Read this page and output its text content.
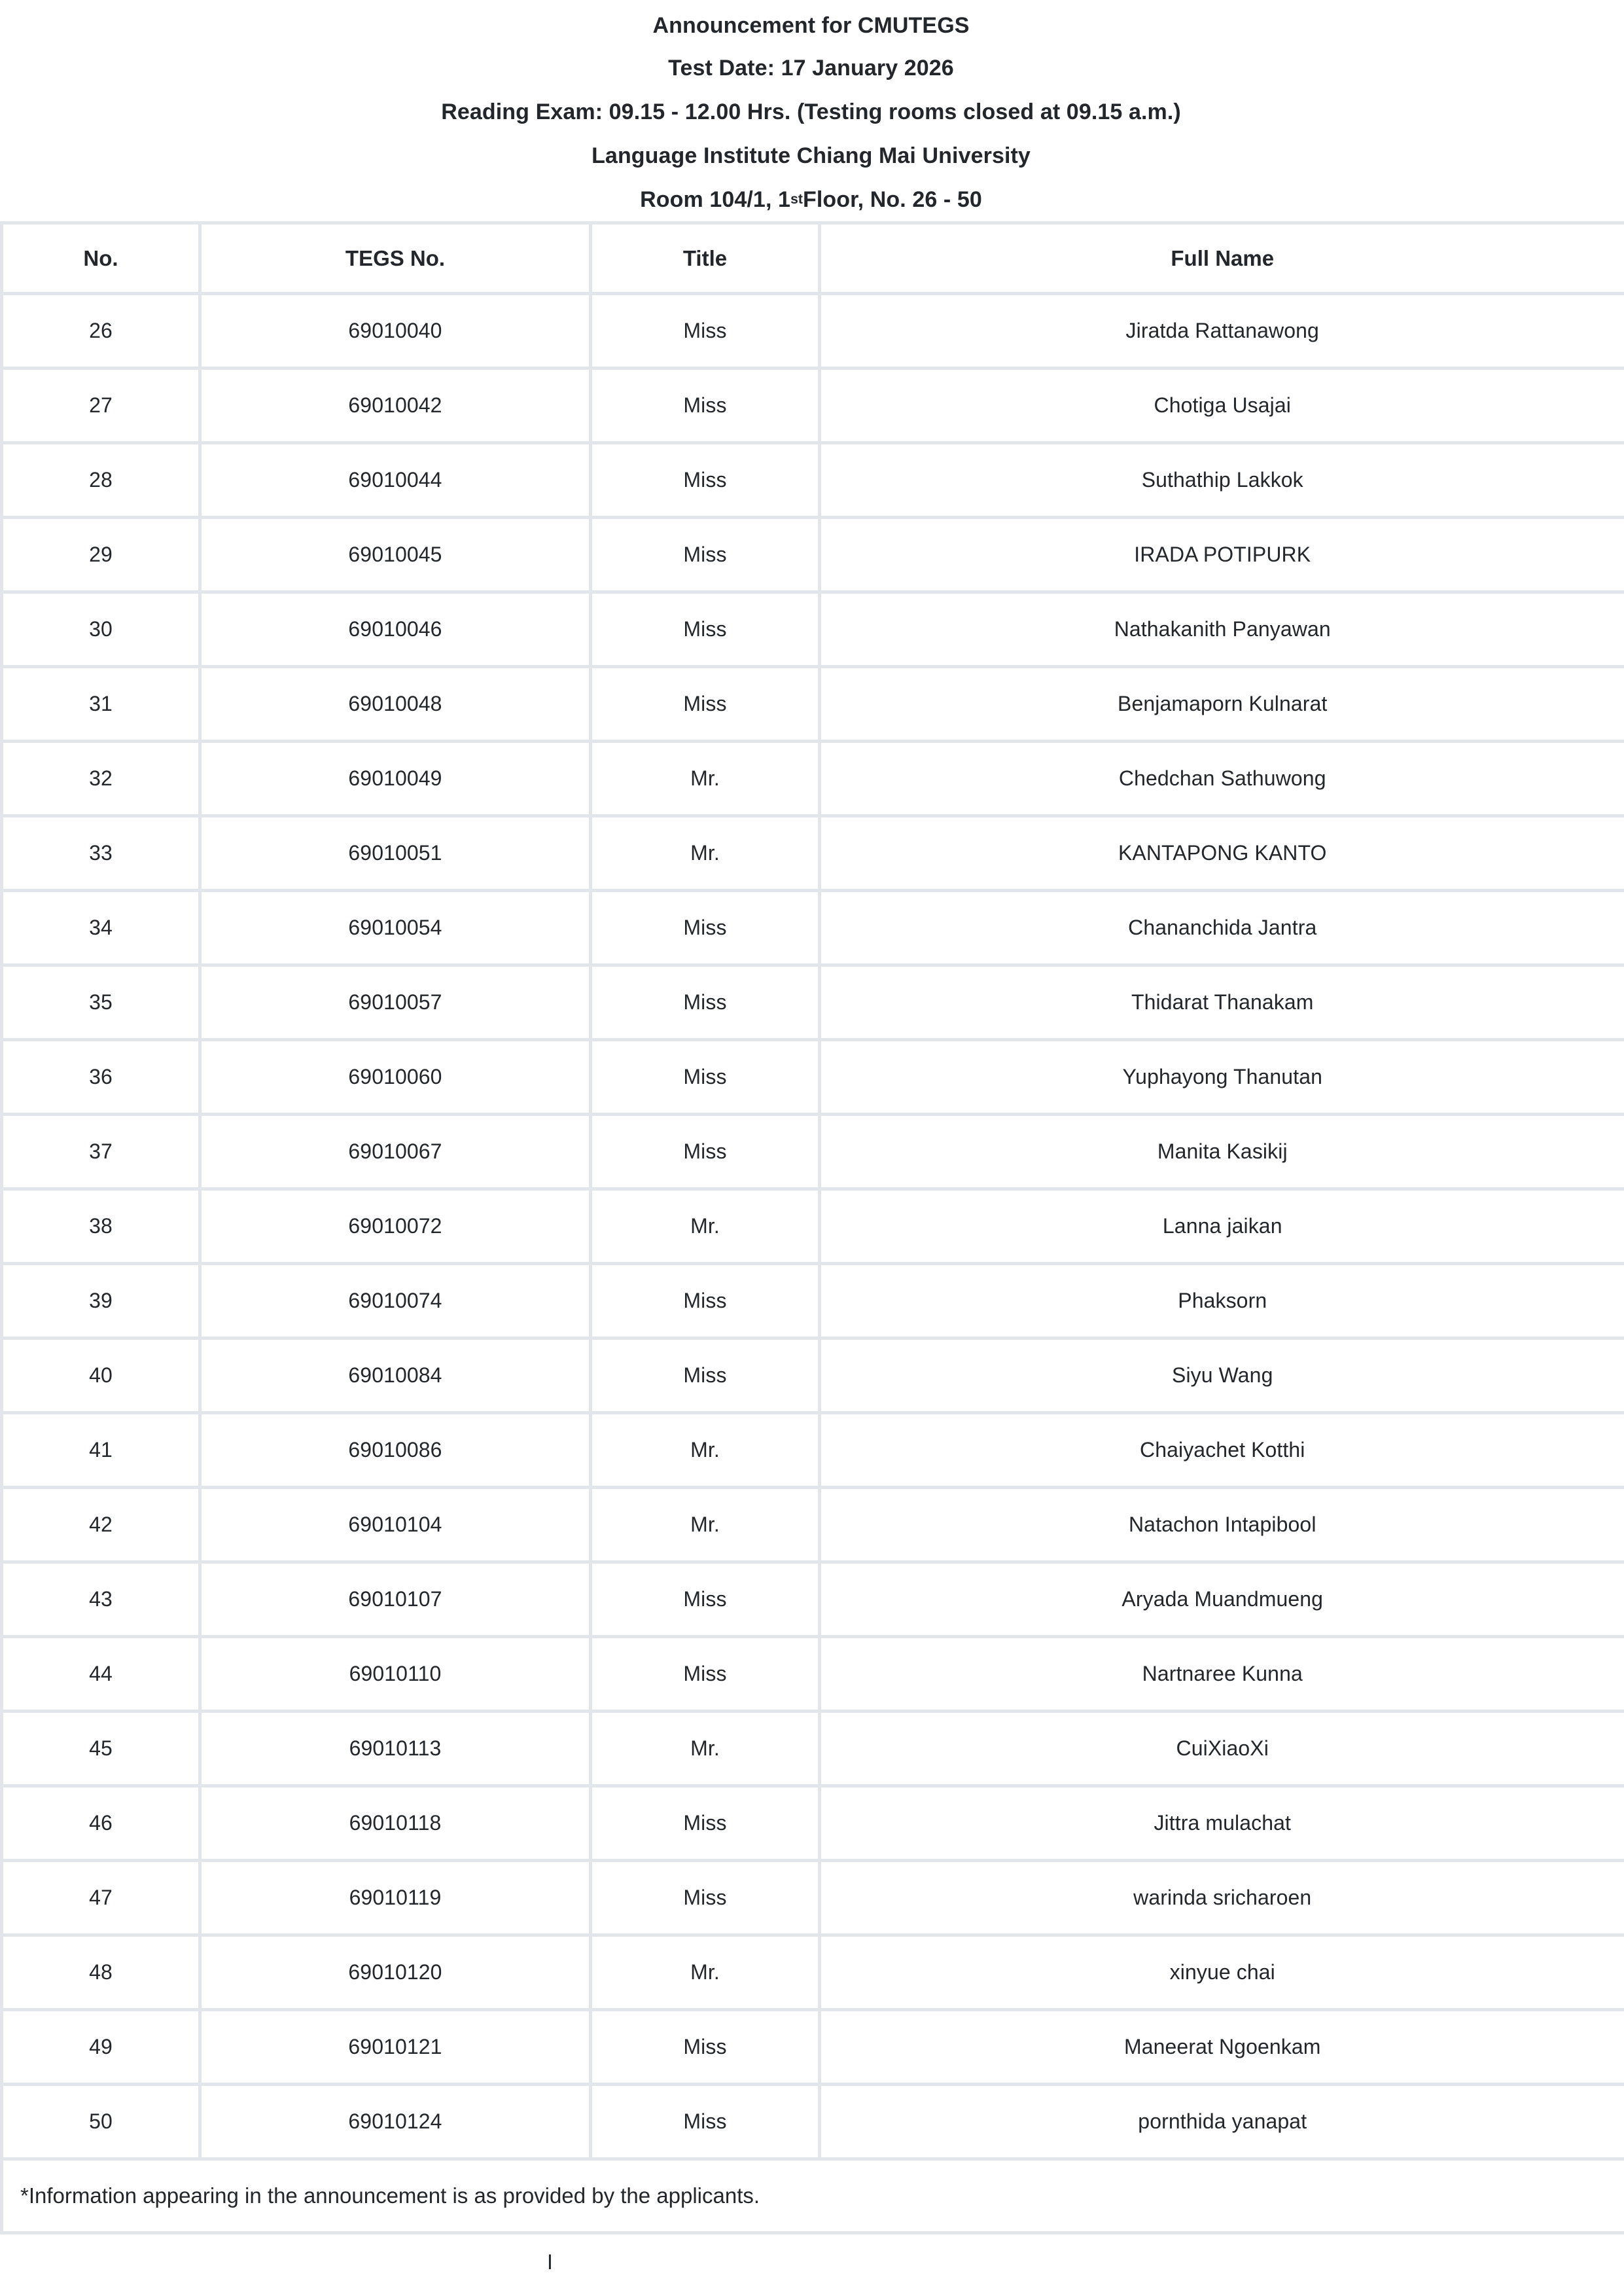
Announcement for CMUTEGS
Test Date: 17 January 2026
Reading Exam: 09.15 - 12.00 Hrs. (Testing rooms closed at 09.15 a.m.)
Language Institute Chiang Mai University
Room 104/1, 1 st Floor, No. 26 - 50
No.	TEGS No.	Title	Full Name
26	69010040	Miss	Jiratda Rattanawong
27	69010042	Miss	Chotiga Usajai
28	69010044	Miss	Suthathip Lakkok
29	69010045	Miss	IRADA POTIPURK
30	69010046	Miss	Nathakanith Panyawan
31	69010048	Miss	Benjamaporn Kulnarat
32	69010049	Mr.	Chedchan Sathuwong
33	69010051	Mr.	KANTAPONG KANTO
34	69010054	Miss	Chananchida Jantra
35	69010057	Miss	Thidarat Thanakam
36	69010060	Miss	Yuphayong Thanutan
37	69010067	Miss	Manita Kasikij
38	69010072	Mr.	Lanna jaikan
39	69010074	Miss	Phaksorn
40	69010084	Miss	Siyu Wang
41	69010086	Mr.	Chaiyachet Kotthi
42	69010104	Mr.	Natachon Intapibool
43	69010107	Miss	Aryada Muandmueng
44	69010110	Miss	Nartnaree Kunna
45	69010113	Mr.	CuiXiaoXi
46	69010118	Miss	Jittra mulachat
47	69010119	Miss	warinda sricharoen
48	69010120	Mr.	xinyue chai
49	69010121	Miss	Maneerat Ngoenkam
50	69010124	Miss	pornthida yanapat
*Information appearing in the announcement is as provided by the applicants.			
I
